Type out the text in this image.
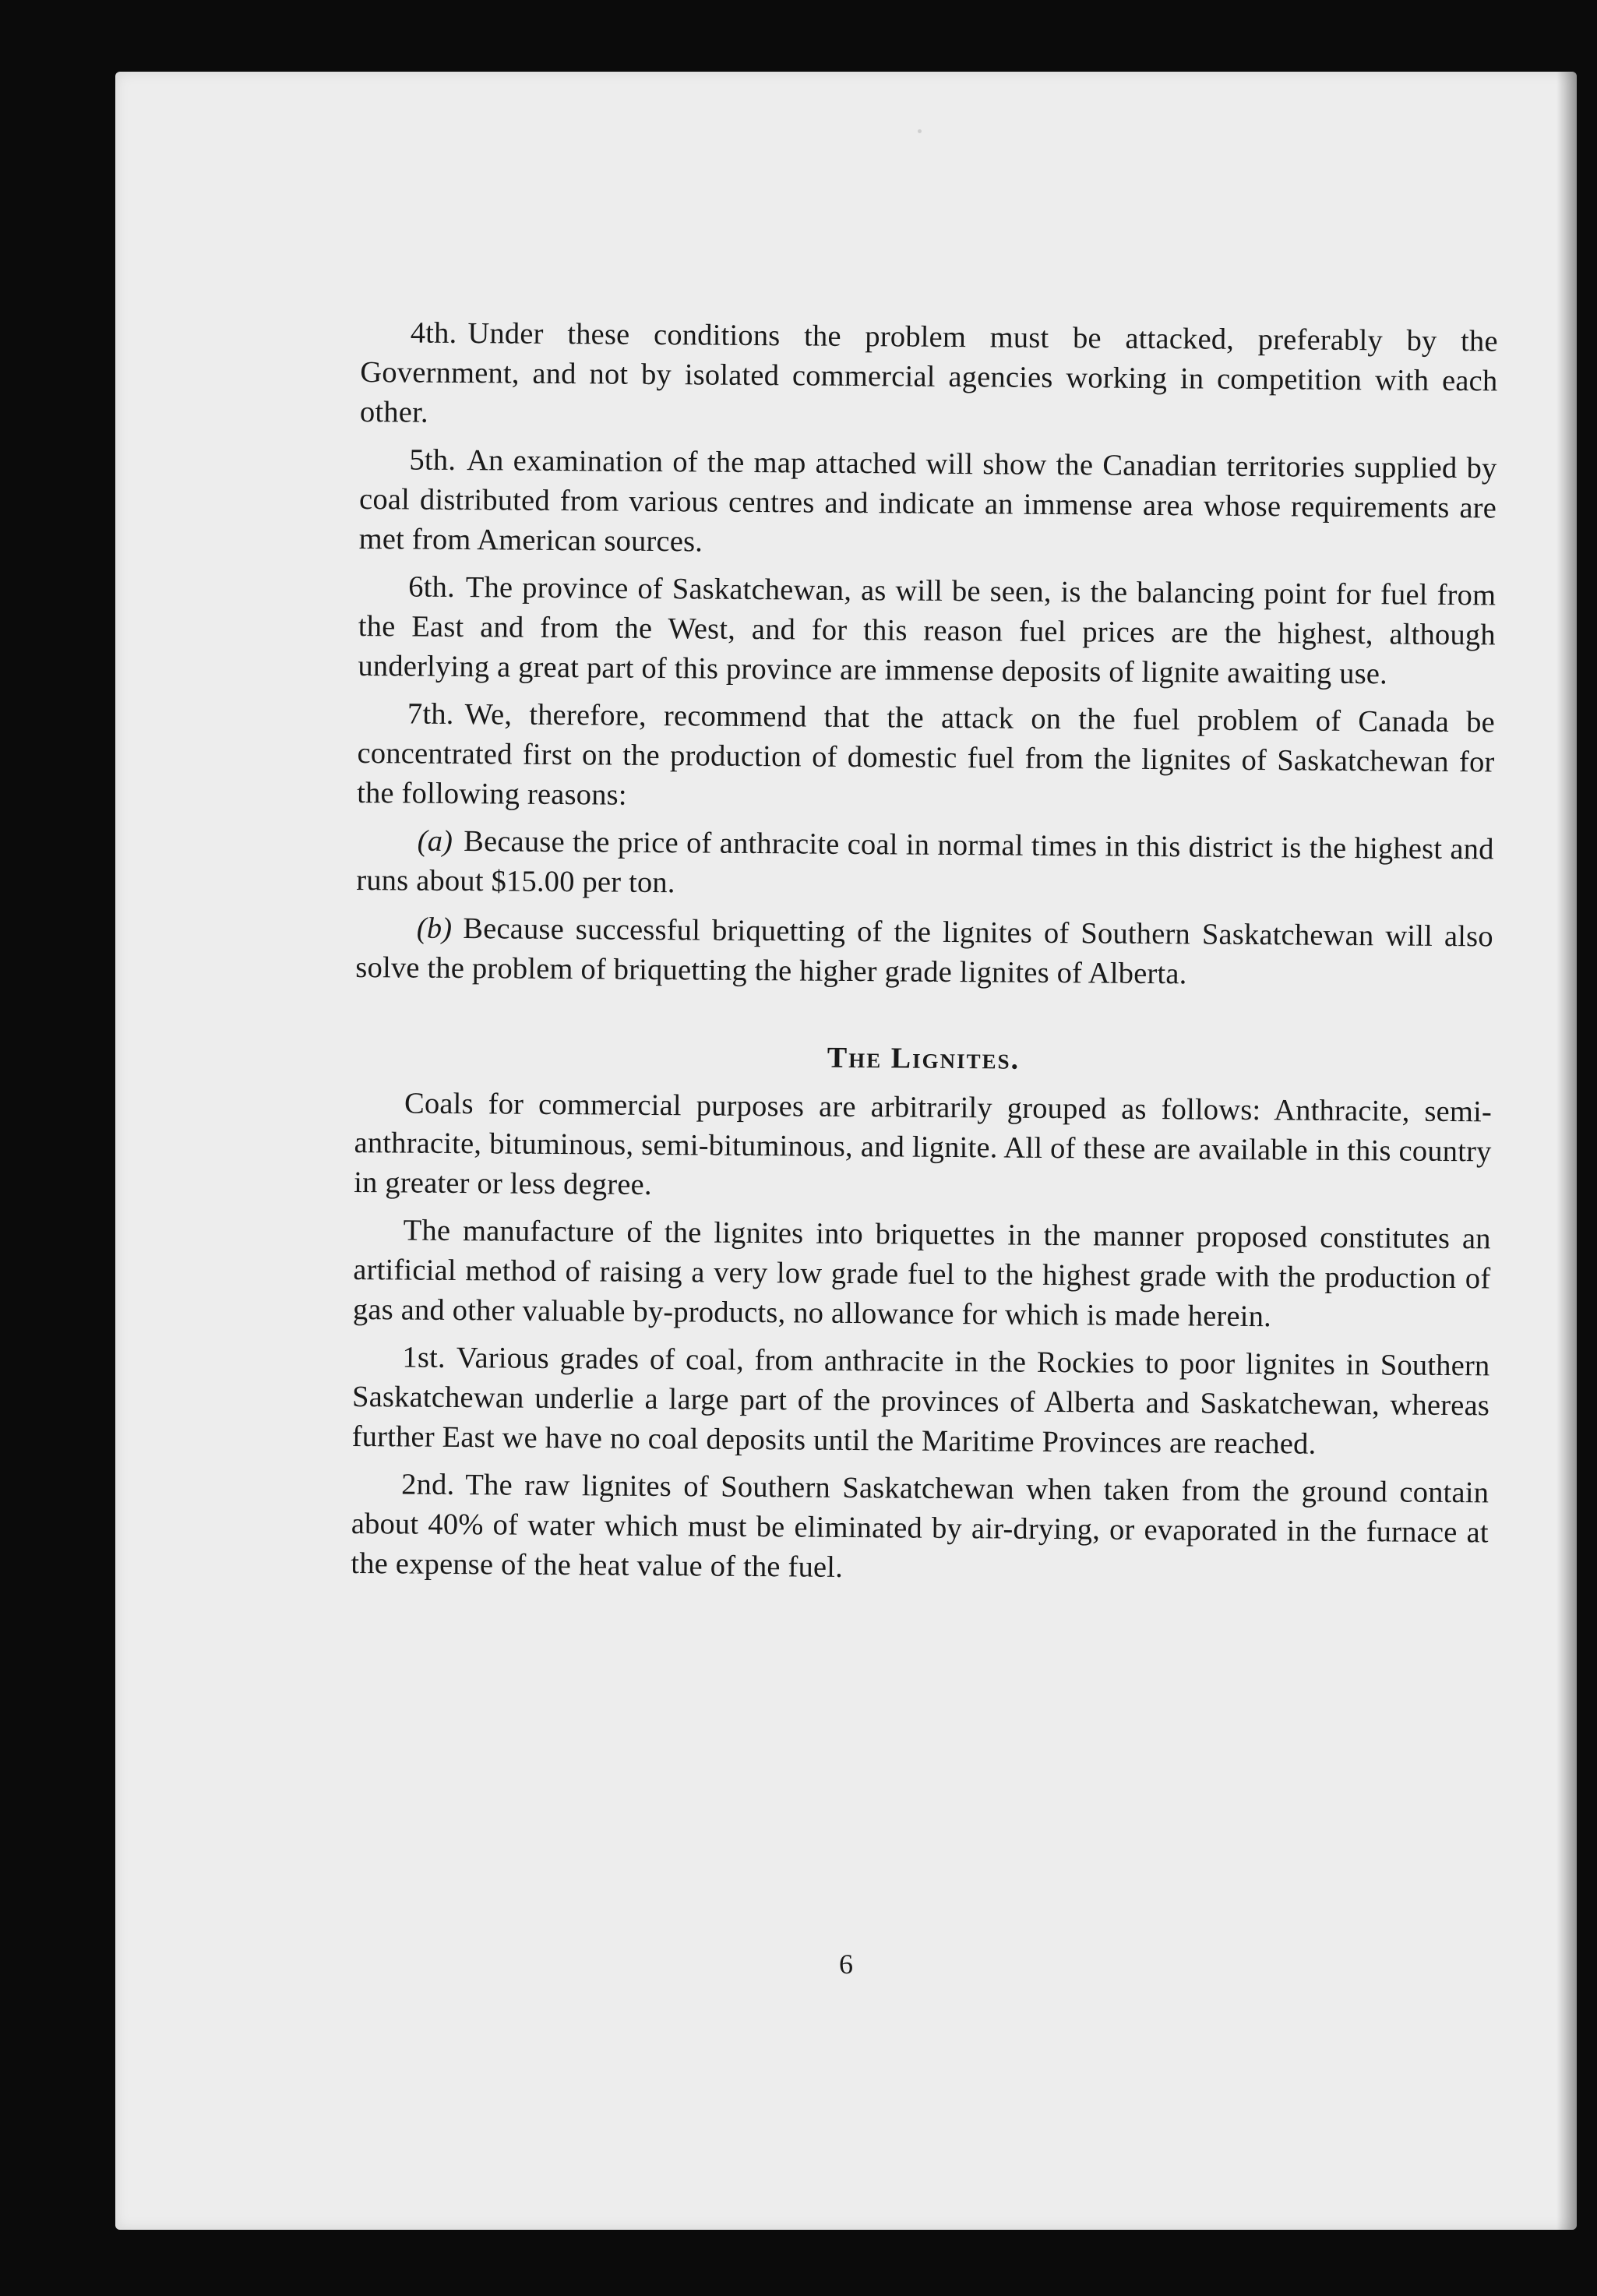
4th. Under these conditions the problem must be attacked, preferably by the Government, and not by isolated commercial agencies working in competition with each other.

5th. An examination of the map attached will show the Canadian territories supplied by coal distributed from various centres and indicate an immense area whose requirements are met from American sources.

6th. The province of Saskatchewan, as will be seen, is the balancing point for fuel from the East and from the West, and for this reason fuel prices are the highest, although underlying a great part of this province are immense deposits of lignite awaiting use.

7th. We, therefore, recommend that the attack on the fuel problem of Canada be concentrated first on the production of domestic fuel from the lignites of Saskatchewan for the following reasons:

(a) Because the price of anthracite coal in normal times in this district is the highest and runs about $15.00 per ton.

(b) Because successful briquetting of the lignites of Southern Saskatchewan will also solve the problem of briquetting the higher grade lignites of Alberta.

The Lignites.

Coals for commercial purposes are arbitrarily grouped as follows: Anthracite, semi-anthracite, bituminous, semi-bituminous, and lignite. All of these are available in this country in greater or less degree.

The manufacture of the lignites into briquettes in the manner proposed constitutes an artificial method of raising a very low grade fuel to the highest grade with the production of gas and other valuable by-products, no allowance for which is made herein.

1st. Various grades of coal, from anthracite in the Rockies to poor lignites in Southern Saskatchewan underlie a large part of the provinces of Alberta and Saskatchewan, whereas further East we have no coal deposits until the Maritime Provinces are reached.

2nd. The raw lignites of Southern Saskatchewan when taken from the ground contain about 40% of water which must be eliminated by air-drying, or evaporated in the furnace at the expense of the heat value of the fuel.

6
